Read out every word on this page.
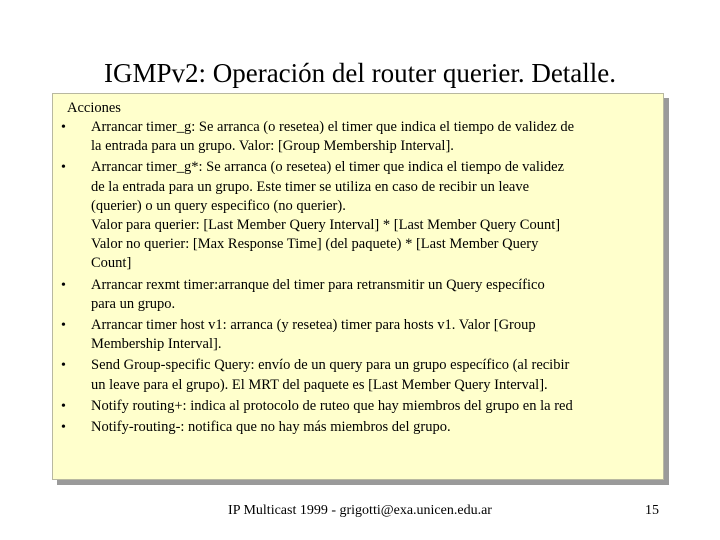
IGMPv2: Operación del router querier. Detalle.
Acciones
•	Arrancar timer_g: Se arranca (o resetea) el timer que indica el tiempo de validez de
la entrada para un grupo. Valor: [Group Membership Interval].
•	Arrancar timer_g*: Se arranca (o resetea) el timer que indica el tiempo de validez
de la entrada para un grupo. Este timer se utiliza en caso de recibir un leave
(querier) o un query especifico (no querier).
Valor para querier: [Last Member Query Interval] * [Last Member Query Count]
Valor no querier: [Max Response Time] (del paquete) * [Last Member Query
Count]
•	Arrancar rexmt timer:arranque del timer para retransmitir un Query específico
para un grupo.
•	Arrancar timer host v1: arranca (y resetea) timer para hosts v1. Valor [Group
Membership Interval].
•	Send Group-specific Query: envío de un query para un grupo específico (al recibir
un leave para el grupo). El MRT del paquete es [Last Member Query Interval].
•	Notify routing+: indica al protocolo de ruteo que hay miembros del grupo en la red
•	Notify-routing-: notifica que no hay más miembros del grupo.
IP Multicast 1999 - grigotti@exa.unicen.edu.ar	15
